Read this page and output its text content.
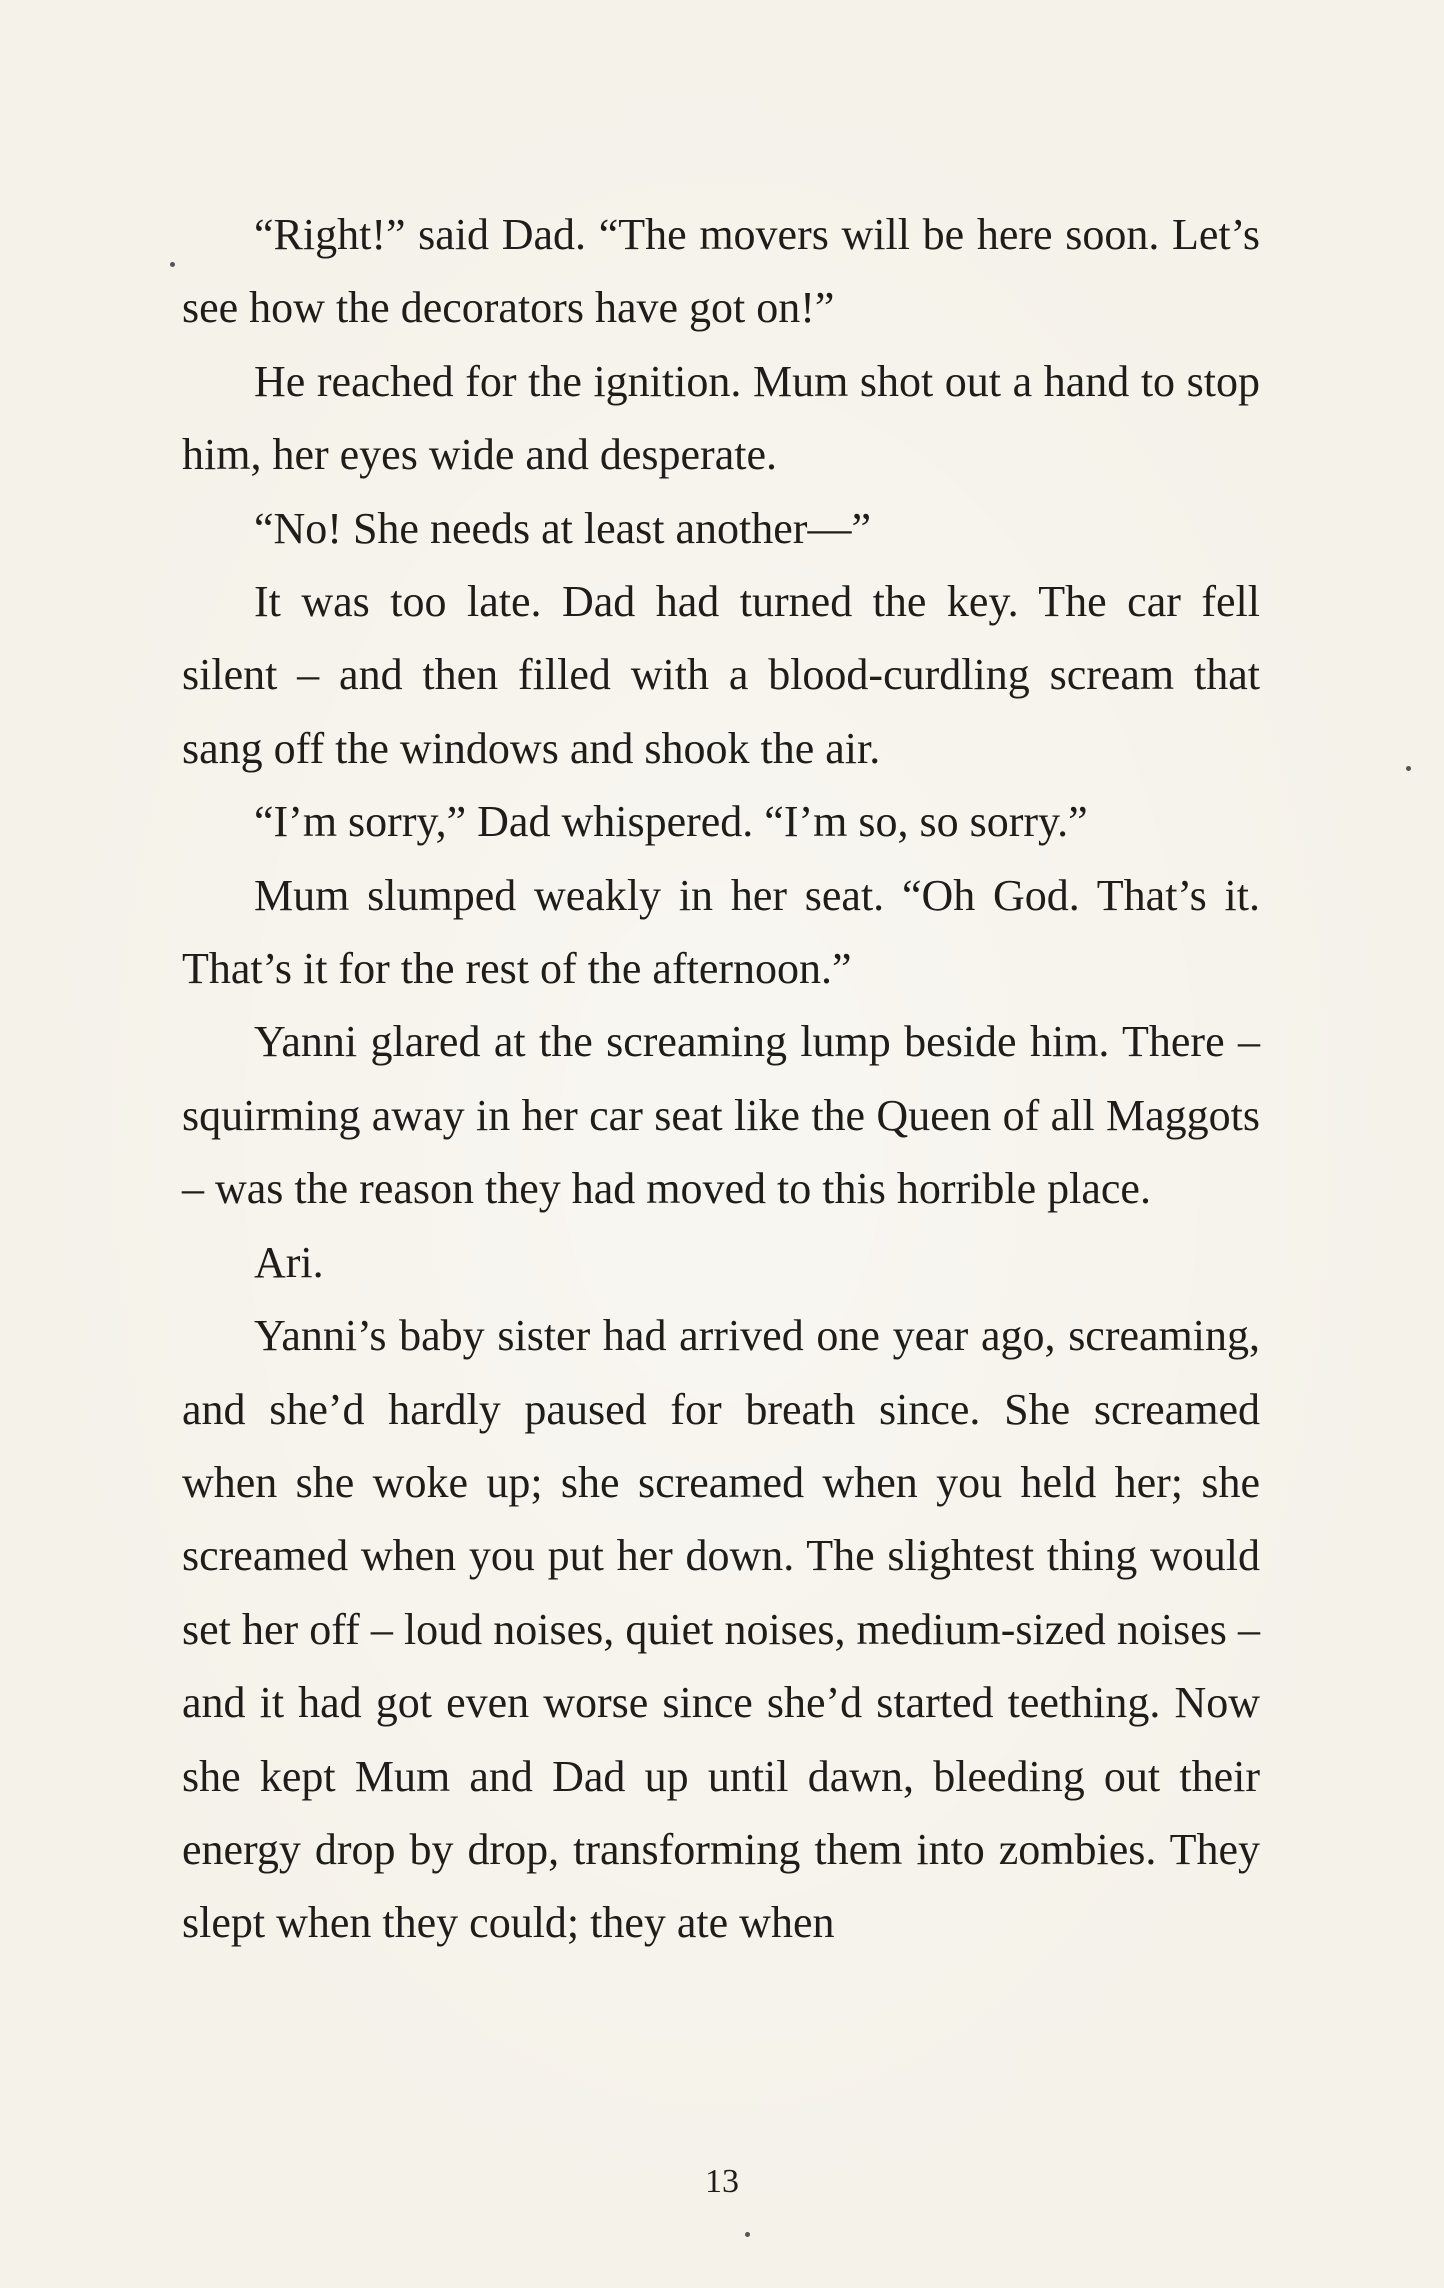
“Right!” said Dad. “The movers will be here soon. Let’s see how the decorators have got on!”

He reached for the ignition. Mum shot out a hand to stop him, her eyes wide and desperate.

“No! She needs at least another—”

It was too late. Dad had turned the key. The car fell silent – and then filled with a blood-curdling scream that sang off the windows and shook the air.

“I’m sorry,” Dad whispered. “I’m so, so sorry.”

Mum slumped weakly in her seat. “Oh God. That’s it. That’s it for the rest of the afternoon.”

Yanni glared at the screaming lump beside him. There – squirming away in her car seat like the Queen of all Maggots – was the reason they had moved to this horrible place.

Ari.

Yanni’s baby sister had arrived one year ago, screaming, and she’d hardly paused for breath since. She screamed when she woke up; she screamed when you held her; she screamed when you put her down. The slightest thing would set her off – loud noises, quiet noises, medium-sized noises – and it had got even worse since she’d started teething. Now she kept Mum and Dad up until dawn, bleeding out their energy drop by drop, transforming them into zombies. They slept when they could; they ate when

13
